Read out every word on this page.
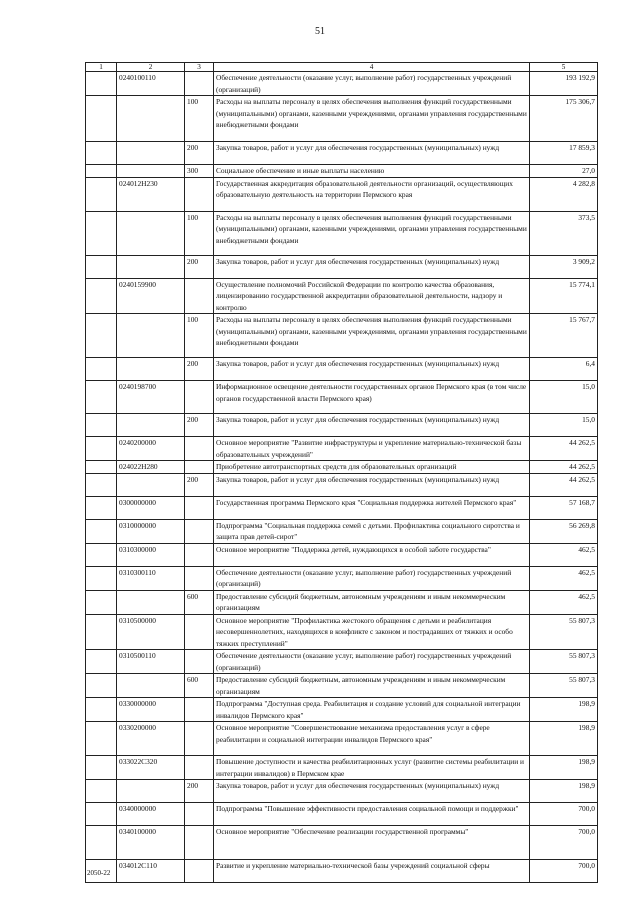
51
1	2	3	4	5
	0240100110		Обеспечение деятельности (оказание услуг, выполнение работ) государственных учреждений (организаций)	193 192,9
		100	Расходы на выплаты персоналу в целях обеспечения выполнения функций государственными (муниципальными) органами, казенными учреждениями, органами управления государственными внебюджетными фондами	175 306,7
		200	Закупка товаров, работ и услуг для обеспечения государственных (муниципальных) нужд	17 859,3
		300	Социальное обеспечение и иные выплаты населению	27,0
	024012Н230		Государственная аккредитация образовательной деятельности организаций, осуществляющих образовательную деятельность на территории Пермского края	4 282,8
		100	Расходы на выплаты персоналу в целях обеспечения выполнения функций государственными (муниципальными) органами, казенными учреждениями, органами управления государственными внебюджетными фондами	373,5
		200	Закупка товаров, работ и услуг для обеспечения государственных (муниципальных) нужд	3 909,2
	0240159900		Осуществление полномочий Российской Федерации по контролю качества образования, лицензированию государственной аккредитации образовательной деятельности, надзору и контролю	15 774,1
		100	Расходы на выплаты персоналу в целях обеспечения выполнения функций государственными (муниципальными) органами, казенными учреждениями, органами управления государственными внебюджетными фондами	15 767,7
		200	Закупка товаров, работ и услуг для обеспечения государственных (муниципальных) нужд	6,4
	0240198700		Информационное освещение деятельности государственных органов Пермского края (в том числе органов государственной власти Пермского края)	15,0
		200	Закупка товаров, работ и услуг для обеспечения государственных (муниципальных) нужд	15,0
	0240200000		Основное мероприятие "Развитие инфраструктуры и укрепление материально-технической базы образовательных учреждений"	44 262,5
	024022Н280		Приобретение автотранспортных средств для образовательных организаций	44 262,5
		200	Закупка товаров, работ и услуг для обеспечения государственных (муниципальных) нужд	44 262,5
	0300000000		Государственная программа Пермского края "Социальная поддержка жителей Пермского края"	57 168,7
	0310000000		Подпрограмма "Социальная поддержка семей с детьми. Профилактика социального сиротства и защита прав детей-сирот"	56 269,8
	0310300000		Основное мероприятие "Поддержка детей, нуждающихся в особой заботе государства"	462,5
	0310300110		Обеспечение деятельности (оказание услуг, выполнение работ) государственных учреждений (организаций)	462,5
		600	Предоставление субсидий бюджетным, автономным учреждениям и иным некоммерческим организациям	462,5
	0310500000		Основное мероприятие "Профилактика жестокого обращения с детьми и реабилитация несовершеннолетних, находящихся в конфликте с законом и пострадавших от тяжких и особо тяжких преступлений"	55 807,3
	0310500110		Обеспечение деятельности (оказание услуг, выполнение работ) государственных учреждений (организаций)	55 807,3
		600	Предоставление субсидий бюджетным, автономным учреждениям и иным некоммерческим организациям	55 807,3
	0330000000		Подпрограмма "Доступная среда. Реабилитация и создание условий для социальной интеграции инвалидов Пермского края"	198,9
	0330200000		Основное мероприятие "Совершенствование механизма предоставления услуг в сфере реабилитации и социальной интеграции инвалидов Пермского края"	198,9
	033022С320		Повышение доступности и качества реабилитационных услуг (развитие системы реабилитации и интеграции инвалидов) в Пермском крае	198,9
		200	Закупка товаров, работ и услуг для обеспечения государственных (муниципальных) нужд	198,9
	0340000000		Подпрограмма "Повышение эффективности предоставления социальной помощи и поддержки"	700,0
	0340100000		Основное мероприятие "Обеспечение реализации государственной программы"	700,0
	034012С110		Развитие и укрепление материально-технической базы учреждений социальной сферы	700,0
2050-22
